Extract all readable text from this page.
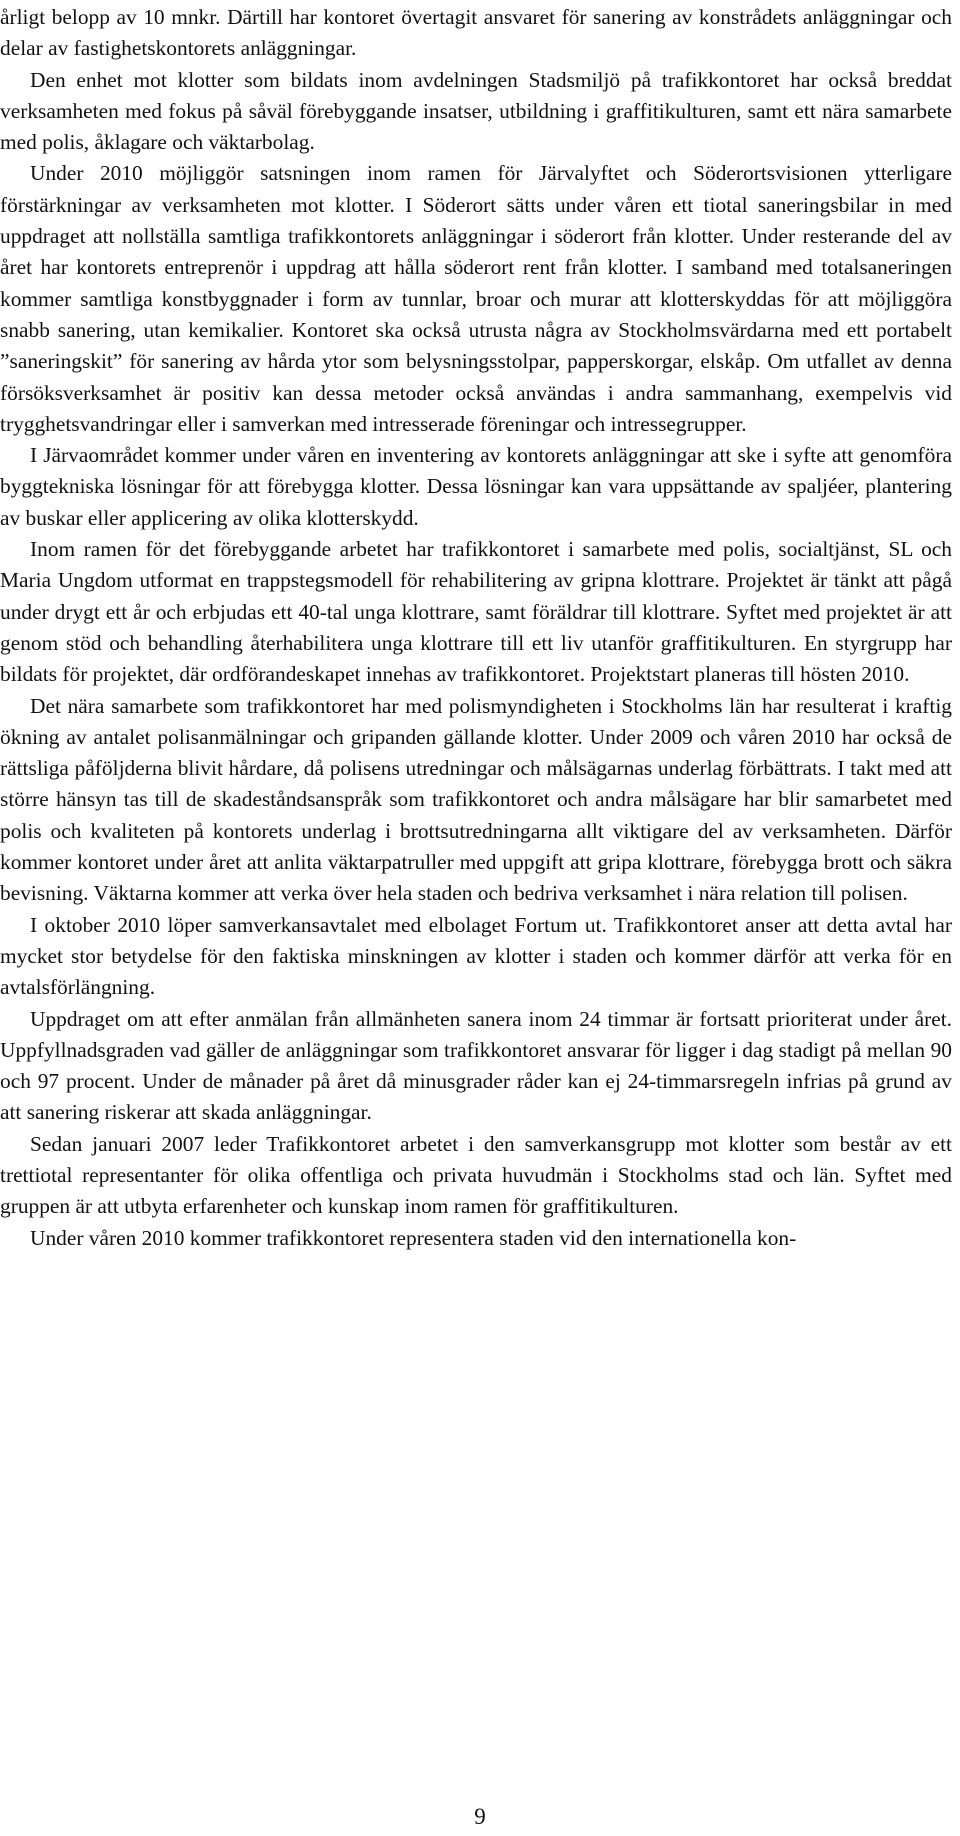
årligt belopp av 10 mnkr. Därtill har kontoret övertagit ansvaret för sanering av konstrådets anläggningar och delar av fastighetskontorets anläggningar.

Den enhet mot klotter som bildats inom avdelningen Stadsmiljö på trafikkontoret har också breddat verksamheten med fokus på såväl förebyggande insatser, utbildning i graffitikulturen, samt ett nära samarbete med polis, åklagare och väktarbolag.

Under 2010 möjliggör satsningen inom ramen för Järvalyftet och Söderortsvisionen ytterligare förstärkningar av verksamheten mot klotter. I Söderort sätts under våren ett tiotal saneringsbilar in med uppdraget att nollställa samtliga trafikkontorets anläggningar i söderort från klotter. Under resterande del av året har kontorets entreprenör i uppdrag att hålla söderort rent från klotter. I samband med totalsaneringen kommer samtliga konstbyggnader i form av tunnlar, broar och murar att klotterskyddas för att möjliggöra snabb sanering, utan kemikalier. Kontoret ska också utrusta några av Stockholmsvärdarna med ett portabelt ”saneringskit” för sanering av hårda ytor som belysningsstolpar, papperskorgar, elskåp. Om utfallet av denna försöksverksamhet är positiv kan dessa metoder också användas i andra sammanhang, exempelvis vid trygghetsvandringar eller i samverkan med intresserade föreningar och intressegrupper.

I Järvaområdet kommer under våren en inventering av kontorets anläggningar att ske i syfte att genomföra byggtekniska lösningar för att förebygga klotter. Dessa lösningar kan vara uppsättande av spaljéer, plantering av buskar eller applicering av olika klotterskydd.

Inom ramen för det förebyggande arbetet har trafikkontoret i samarbete med polis, socialtjänst, SL och Maria Ungdom utformat en trappstegsmodell för rehabilitering av gripna klottrare. Projektet är tänkt att pågå under drygt ett år och erbjudas ett 40-tal unga klottrare, samt föräldrar till klottrare. Syftet med projektet är att genom stöd och behandling återhabilitera unga klottrare till ett liv utanför graffitikulturen. En styrgrupp har bildats för projektet, där ordförandeskapet innehas av trafikkontoret. Projektstart planeras till hösten 2010.

Det nära samarbete som trafikkontoret har med polismyndigheten i Stockholms län har resulterat i kraftig ökning av antalet polisanmälningar och gripanden gällande klotter. Under 2009 och våren 2010 har också de rättsliga påföljderna blivit hårdare, då polisens utredningar och målsägarnas underlag förbättrats. I takt med att större hänsyn tas till de skadeståndsanspråk som trafikkontoret och andra målsägare har blir samarbetet med polis och kvaliteten på kontorets underlag i brottsutredningarna allt viktigare del av verksamheten. Därför kommer kontoret under året att anlita väktarpatruller med uppgift att gripa klottrare, förebygga brott och säkra bevisning. Väktarna kommer att verka över hela staden och bedriva verksamhet i nära relation till polisen.

I oktober 2010 löper samverkansavtalet med elbolaget Fortum ut. Trafikkontoret anser att detta avtal har mycket stor betydelse för den faktiska minskningen av klotter i staden och kommer därför att verka för en avtalsförlängning.

Uppdraget om att efter anmälan från allmänheten sanera inom 24 timmar är fortsatt prioriterat under året. Uppfyllnadsgraden vad gäller de anläggningar som trafikkontoret ansvarar för ligger i dag stadigt på mellan 90 och 97 procent. Under de månader på året då minusgrader råder kan ej 24-timmarsregeln infrias på grund av att sanering riskerar att skada anläggningar.

Sedan januari 2007 leder Trafikkontoret arbetet i den samverkansgrupp mot klotter som består av ett trettiotal representanter för olika offentliga och privata huvudmän i Stockholms stad och län. Syftet med gruppen är att utbyta erfarenheter och kunskap inom ramen för graffitikulturen.

Under våren 2010 kommer trafikkontoret representera staden vid den internationella kon-

9
